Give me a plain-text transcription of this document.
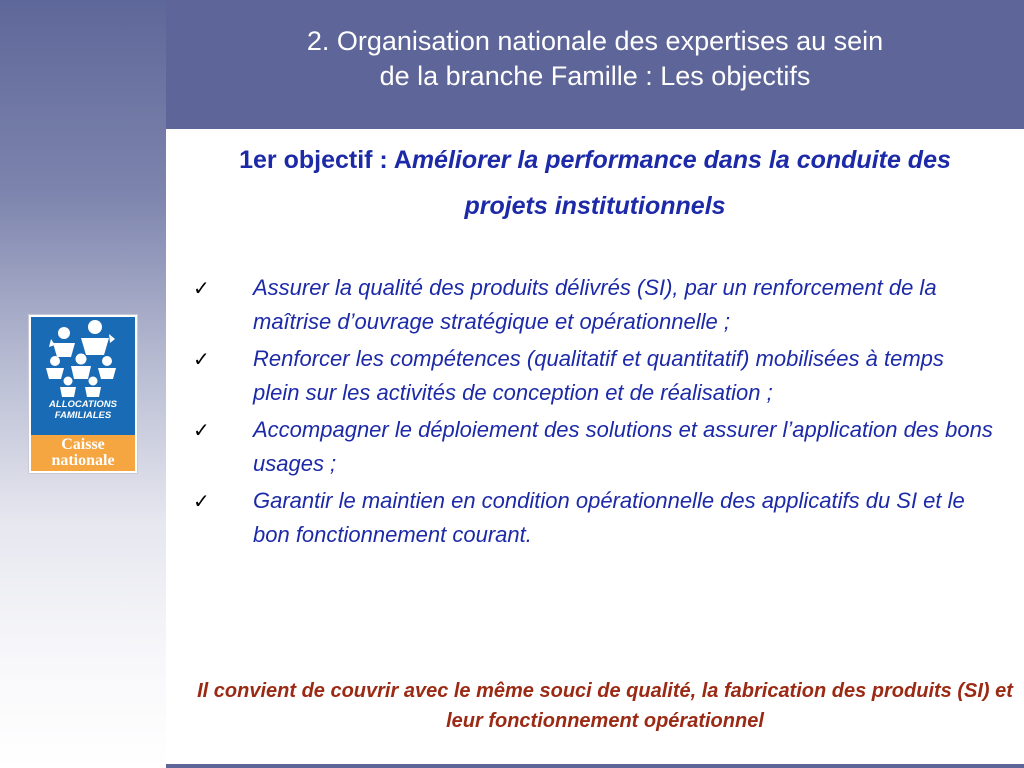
2. Organisation nationale des expertises au sein
de la branche Famille : Les objectifs
ALLOCATIONS
FAMILIALES
Caisse
nationale
1er objectif : Améliorer la performance dans la conduite des projets institutionnels
✓ Assurer la qualité des produits délivrés (SI), par un renforcement de la maîtrise d’ouvrage stratégique et opérationnelle ;
✓ Renforcer les compétences (qualitatif et quantitatif) mobilisées à temps plein sur les activités de conception et de réalisation ;
✓ Accompagner le déploiement des solutions et assurer l’application des bons usages ;
✓ Garantir le maintien en condition opérationnelle des applicatifs du SI et le bon fonctionnement courant.
Il convient de couvrir avec le même souci de qualité, la fabrication des produits (SI) et leur fonctionnement opérationnel
